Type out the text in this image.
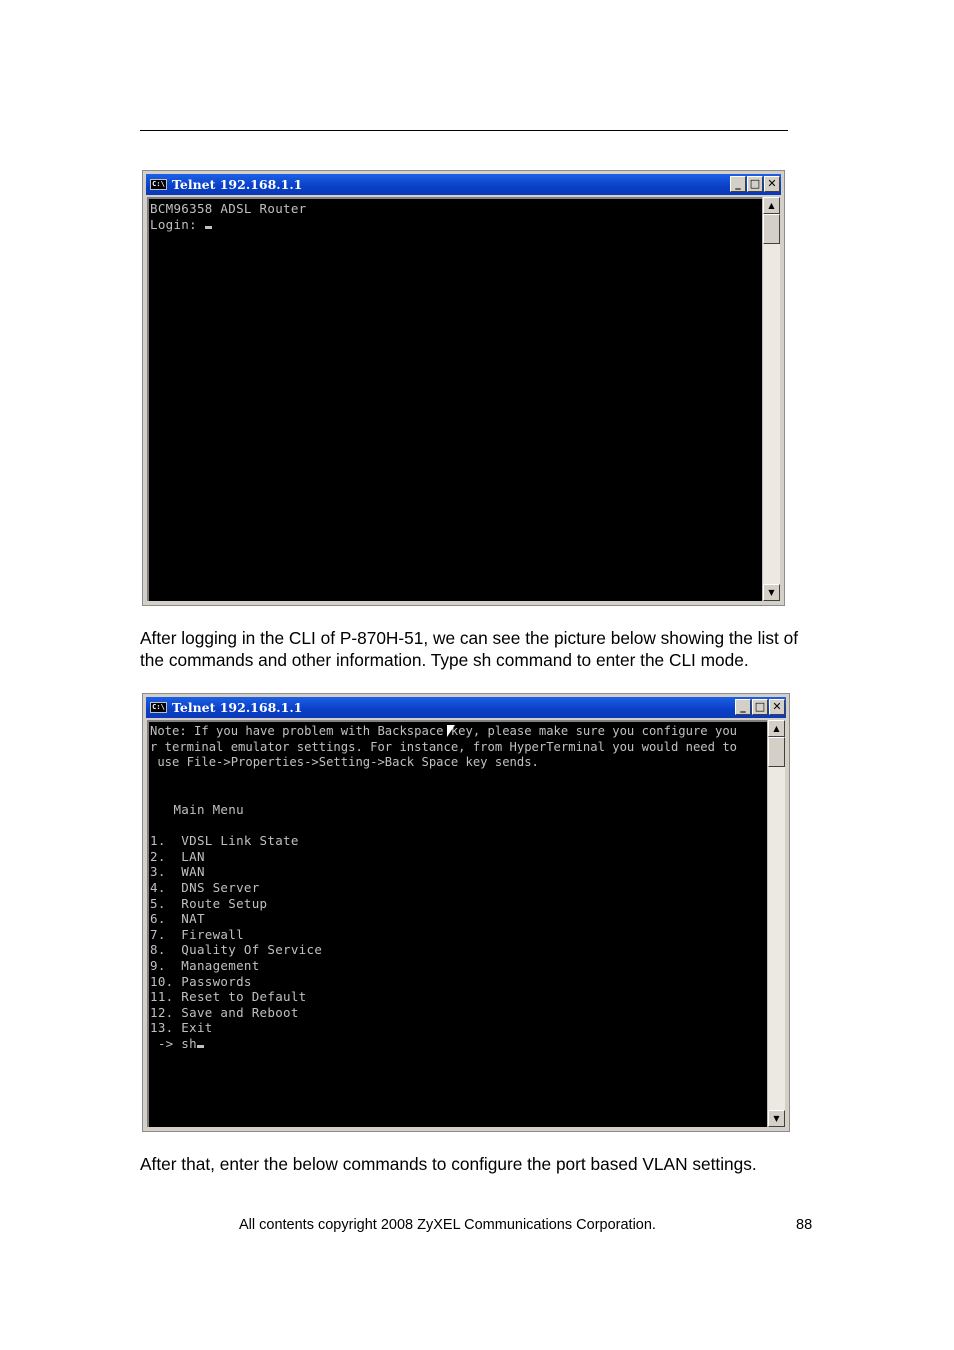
C:\ Telnet 192.168.1.1	_ □ ✕
BCM96358 ADSL Router
Login:
▲
▼

After logging in the CLI of P-870H-51, we can see the picture below showing the list of the commands and other information. Type sh command to enter the CLI mode.

C:\ Telnet 192.168.1.1	_ □ ✕
Note: If you have problem with Backspace key, please make sure you configure you
r terminal emulator settings. For instance, from HyperTerminal you would need to
use File->Properties->Setting->Back Space key sends.
Main Menu
1.  VDSL Link State
2.  LAN
3.  WAN
4.  DNS Server
5.  Route Setup
6.  NAT
7.  Firewall
8.  Quality Of Service
9.  Management
10. Passwords
11. Reset to Default
12. Save and Reboot
13. Exit
-> sh
▲
▼

After that, enter the below commands to configure the port based VLAN settings.

All contents copyright 2008 ZyXEL Communications Corporation.	88
